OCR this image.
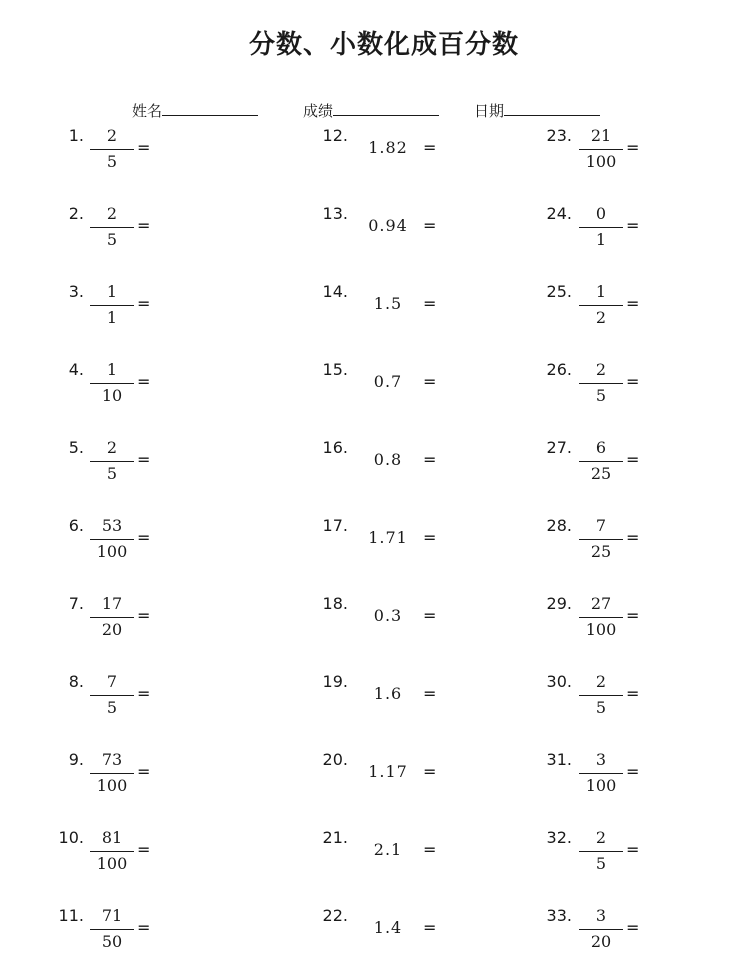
分数、小数化成百分数
姓名	成绩	日期
1.	2
5
=
2.	2
5
=
3.	1
1
=
4.	1
10
=
5.	2
5
=
6.	53
100
=
7.	17
20
=
8.	7
5
=
9.	73
100
=
10.	81
100
=
11.	71
50
=
12.
1.82 =
13.
0.94 =
14.
1.5	=
15.
0.7	=
16.
0.8	=
17.
1.71 =
18.
0.3	=
19.
1.6	=
20.
1.17 =
21.
2.1	=
22.
1.4	=
23.	21
100
=
24.	0
1
=
25.	1
2
=
26.	2
5
=
27.	6
25
=
28.	7
25
=
29.	27
100
=
30.	2
5
=
31.	3
100
=
32.	2
5
=
33.	3
20
=
